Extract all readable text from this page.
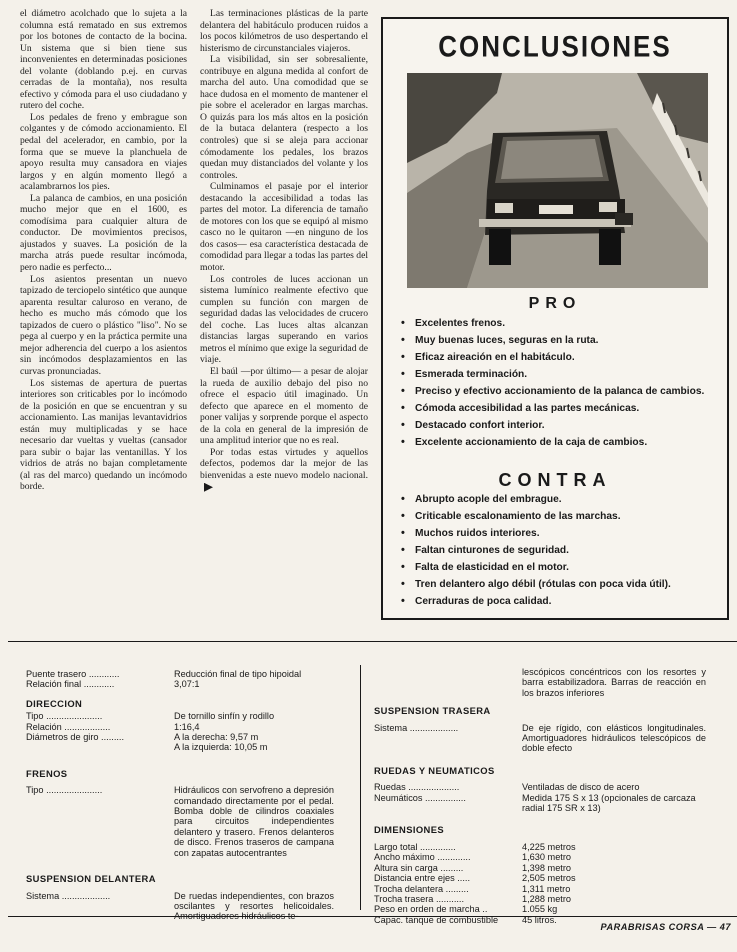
el diámetro acolchado que lo sujeta a la columna está rematado en sus extremos por los botones de contacto de la bocina. Un sistema que si bien tiene sus inconvenientes en determinadas posiciones del volante (doblando p.ej. en curvas cerradas de la montaña), nos resulta efectivo y cómoda para el uso ciudadano y rutero del coche.

Los pedales de freno y embrague son colgantes y de cómodo accionamiento. El pedal del acelerador, en cambio, por la forma que se mueve la planchuela de apoyo resulta muy cansadora en viajes largos y en algún momento llegó a acalambrarnos los pies.

La palanca de cambios, en una posición mucho mejor que en el 1600, es comodísima para cualquier altura de conductor. De movimientos precisos, ajustados y suaves. La posición de la marcha atrás puede resultar incómoda, pero nadie es perfecto...

Los asientos presentan un nuevo tapizado de terciopelo sintético que aunque aparenta resultar caluroso en verano, de hecho es mucho más cómodo que los tapizados de cuero o plástico "liso". No se pega al cuerpo y en la práctica permite una mejor adherencia del cuerpo a los asientos sin incómodos desplazamientos en las curvas pronunciadas.

Los sistemas de apertura de puertas interiores son criticables por lo incómodo de la posición en que se encuentran y su accionamiento. Las manijas levantavidrios están muy multiplicadas y se hace necesario dar vueltas y vueltas (cansador para subir o bajar las ventanillas. Y los vidrios de atrás no bajan completamente (al ras del marco) quedando un incómodo borde.

Las terminaciones plásticas de la parte delantera del habitáculo producen ruidos a los pocos kilómetros de uso despertando el histerismo de circunstanciales viajeros.

La visibilidad, sin ser sobresaliente, contribuye en alguna medida al confort de marcha del auto. Una comodidad que se hace dudosa en el momento de mantener el pie sobre el acelerador en largas marchas. O quizás para los más altos en la posición de la butaca delantera (respecto a los controles) que si se aleja para accionar cómodamente los pedales, los brazos quedan muy distanciados del volante y los controles.

Culminamos el pasaje por el interior destacando la accesibilidad a todas las partes del motor. La diferencia de tamaño de motores con los que se equipó al mismo casco no le quitaron —en ninguno de los dos casos— esa característica destacada de comodidad para llegar a todas las partes del motor.

Los controles de luces accionan un sistema lumínico realmente efectivo que cumplen su función con margen de seguridad dadas las velocidades de crucero del coche. Las luces altas alcanzan distancias largas superando en varios metros el mínimo que exige la seguridad de viaje.

El baúl —por último— a pesar de alojar la rueda de auxilio debajo del piso no ofrece el espacio útil imaginado. Un defecto que aparece en el momento de poner valijas y sorprende porque el aspecto de la cola en general de la impresión de una amplitud interior que no es real.

Por todas estas virtudes y aquellos defectos, podemos dar la mejor de las bienvenidas a este nuevo modelo nacional.

CONCLUSIONES
PRO
• Excelentes frenos.
• Muy buenas luces, seguras en la ruta.
• Eficaz aireación en el habitáculo.
• Esmerada terminación.
• Preciso y efectivo accionamiento de la palanca de cambios.
• Cómoda accesibilidad a las partes mecánicas.
• Destacado confort interior.
• Excelente accionamiento de la caja de cambios.
CONTRA
• Abrupto acople del embrague.
• Criticable escalonamiento de las marchas.
• Muchos ruidos interiores.
• Faltan cinturones de seguridad.
• Falta de elasticidad en el motor.
• Tren delantero algo débil (rótulas con poca vida útil).
• Cerraduras de poca calidad.
Puente trasero ............	Reducción final de tipo hipoidal
Relación final ............	3,07:1
DIRECCION
Tipo ......................	De tornillo sinfín y rodillo
Relación ..................	1:16,4
Diámetros de giro .........	A la derecha: 9,57 m
A la izquierda: 10,05 m
FRENOS
Tipo ......................	Hidráulicos con servofreno a depresión comandado directamente por el pedal. Bomba doble de cilindros coaxiales para circuitos independientes delantero y trasero. Frenos delanteros de disco. Frenos traseros de campana con zapatas autocentrantes
SUSPENSION DELANTERA
Sistema ...................	De ruedas independientes, con brazos oscilantes y resortes helicoidales. Amortiguadores hidráulicos te-
lescópicos concéntricos con los resortes y barra estabilizadora. Barras de reacción en los brazos inferiores
SUSPENSION TRASERA
Sistema ...................	De eje rígido, con elásticos longitudinales. Amortiguadores hidráulicos telescópicos de doble efecto
RUEDAS Y NEUMATICOS
Ruedas ....................	Ventiladas de disco de acero
Neumáticos ................	Medida 175 S x 13 (opcionales de carcaza radial 175 SR x 13)
DIMENSIONES
Largo total ..............	4,225 metros
Ancho máximo .............	1,630 metro
Altura sin carga .........	1,398 metro
Distancia entre ejes .....	2,505 metros
Trocha delantera .........	1,311 metro
Trocha trasera ...........	1,288 metro
Peso en orden de marcha ..	1.055 kg
Capac. tanque de combustible	45 litros.
PARABRISAS CORSA — 47
